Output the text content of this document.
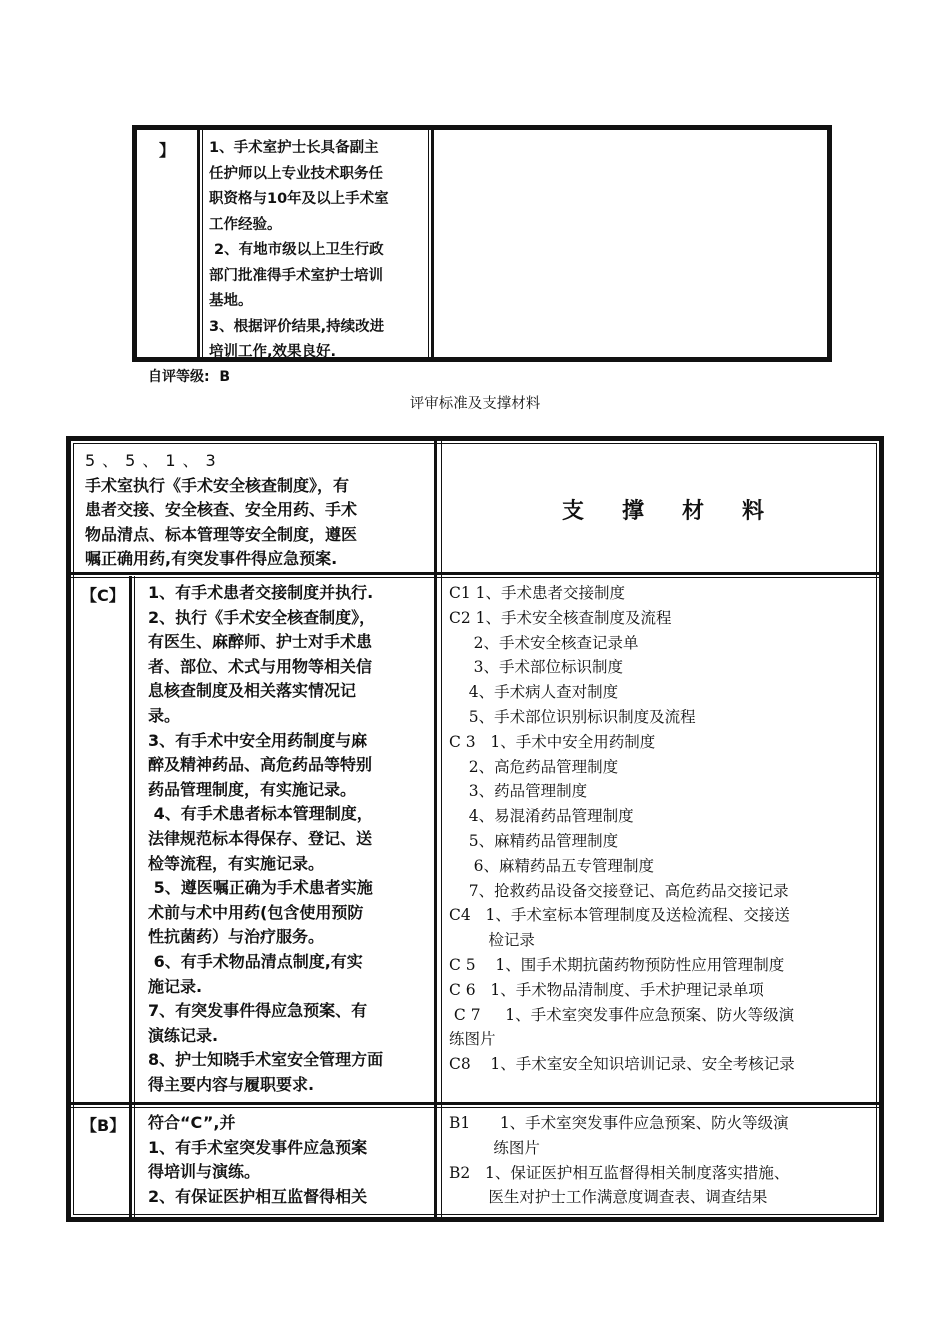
】 1、手术室护士长具备副主
任护师以上专业技术职务任
职资格与10年及以上手术室
工作经验。
2、有地市级以上卫生行政
部门批准得手术室护士培训
基地。
3、根据评价结果,持续改进
培训工作,效果良好.
自评等级:  B
评审标准及支撑材料
5、5、1、3
手术室执行《手术安全核查制度》，有
患者交接、安全核查、安全用药、手术
物品清点、标本管理等安全制度，遵医
嘱正确用药,有突发事件得应急预案.
支撑材料
【C】 1、有手术患者交接制度并执行.
2、执行《手术安全核查制度》，
有医生、麻醉师、护士对手术患
者、部位、术式与用物等相关信
息核查制度及相关落实情况记
录。
3、有手术中安全用药制度与麻
醉及精神药品、高危药品等特别
药品管理制度，有实施记录。
4、有手术患者标本管理制度，
法律规范标本得保存、登记、送
检等流程，有实施记录。
5、遵医嘱正确为手术患者实施
术前与术中用药(包含使用预防
性抗菌药）与治疗服务。
6、有手术物品清点制度,有实
施记录.
7、有突发事件得应急预案、有
演练记录.
8、护士知晓手术室安全管理方面
得主要内容与履职要求.
C1 1、手术患者交接制度
C2 1、手术安全核查制度及流程
2、手术安全核查记录单
3、手术部位标识制度
4、手术病人查对制度
5、手术部位识别标识制度及流程
C 3   1、手术中安全用药制度
2、高危药品管理制度
3、药品管理制度
4、易混淆药品管理制度
5、麻精药品管理制度
6、麻精药品五专管理制度
7、抢救药品设备交接登记、高危药品交接记录
C4   1、手术室标本管理制度及送检流程、交接送
检记录
C 5    1、围手术期抗菌药物预防性应用管理制度
C 6   1、手术物品清制度、手术护理记录单项
C 7     1、手术室突发事件应急预案、防火等级演
练图片
C8    1、手术室安全知识培训记录、安全考核记录
【B】 符合“C”,并
1、有手术室突发事件应急预案
得培训与演练。
2、有保证医护相互监督得相关
B1      1、手术室突发事件应急预案、防火等级演
练图片
B2   1、保证医护相互监督得相关制度落实措施、
医生对护士工作满意度调查表、调查结果
